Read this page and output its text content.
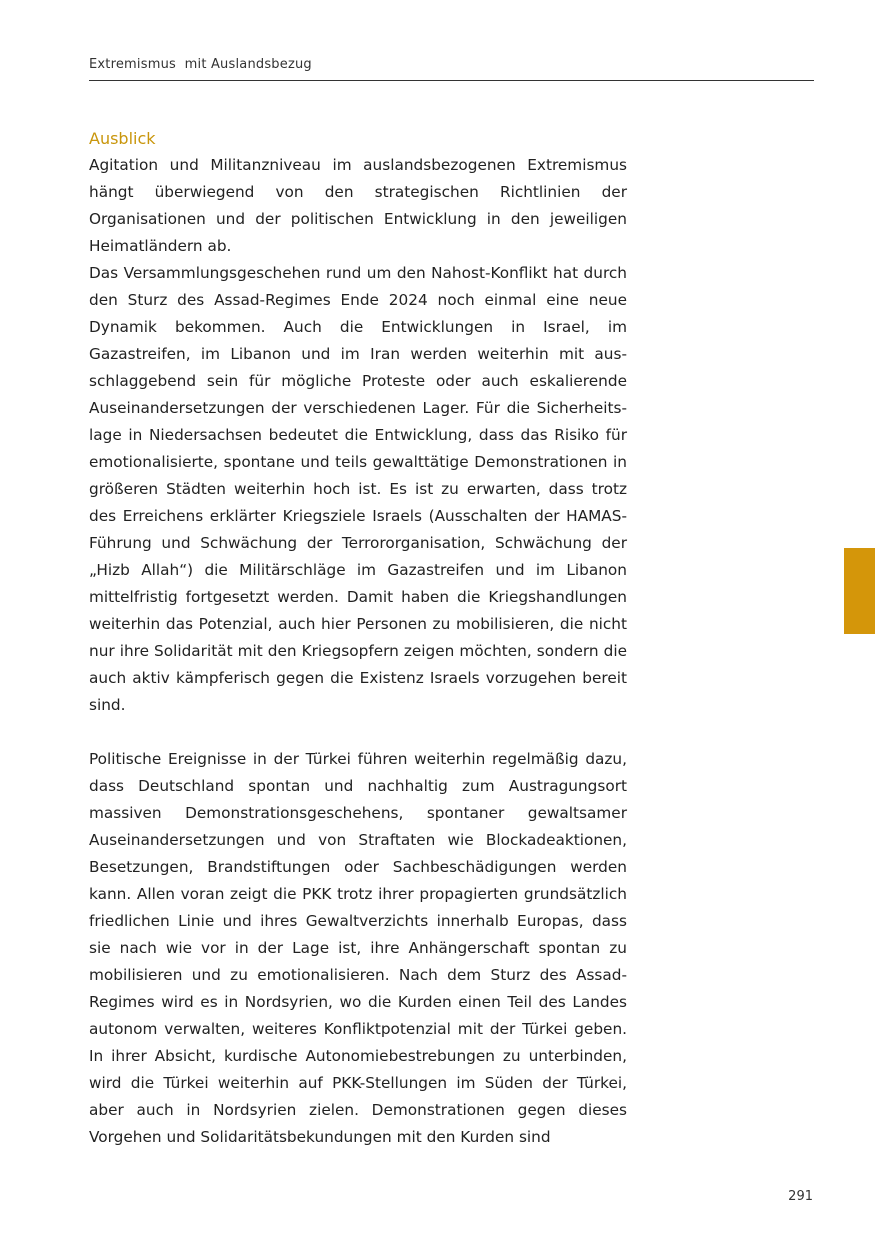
Extremismus  mit Auslandsbezug
Ausblick

Agitation und Militanzniveau im auslandsbezogenen Extremismus hängt überwiegend von den strategischen Richtlinien der Organisationen und der politischen Entwicklung in den jeweiligen Heimatländern ab.

Das Versammlungsgeschehen rund um den Nahost-Konflikt hat durch den Sturz des Assad-Regimes Ende 2024 noch einmal eine neue Dynamik bekommen. Auch die Entwicklungen in Israel, im Gazastreifen, im Libanon und im Iran werden weiterhin mit ausschlaggebend sein für mögliche Proteste oder auch eskalierende Auseinandersetzungen der verschiedenen Lager. Für die Sicherheitslage in Niedersachsen bedeutet die Entwicklung, dass das Risiko für emotionalisierte, spontane und teils gewalttätige Demonstrationen in größeren Städten weiterhin hoch ist. Es ist zu erwarten, dass trotz des Erreichens erklärter Kriegsziele Israels (Ausschalten der HAMAS-Führung und Schwächung der Terrororganisation, Schwächung der „Hizb Allah“) die Militärschläge im Gazastreifen und im Libanon mittelfristig fortgesetzt werden. Damit haben die Kriegshandlungen weiterhin das Potenzial, auch hier Personen zu mobilisieren, die nicht nur ihre Solidarität mit den Kriegsopfern zeigen möchten, sondern die auch aktiv kämpferisch gegen die Existenz Israels vorzugehen bereit sind.

Politische Ereignisse in der Türkei führen weiterhin regelmäßig dazu, dass Deutschland spontan und nachhaltig zum Austragungsort massiven Demonstrationsgeschehens, spontaner gewaltsamer Auseinandersetzungen und von Straftaten wie Blockadeaktionen, Besetzungen, Brandstiftungen oder Sachbeschädigungen werden kann. Allen voran zeigt die PKK trotz ihrer propagierten grundsätzlich friedlichen Linie und ihres Gewaltverzichts innerhalb Europas, dass sie nach wie vor in der Lage ist, ihre Anhängerschaft spontan zu mobilisieren und zu emotionalisieren. Nach dem Sturz des Assad-Regimes wird es in Nordsyrien, wo die Kurden einen Teil des Landes autonom verwalten, weiteres Konfliktpotenzial mit der Türkei geben. In ihrer Absicht, kurdische Autonomiebestrebungen zu unterbinden, wird die Türkei weiterhin auf PKK-Stellungen im Süden der Türkei, aber auch in Nordsyrien zielen. Demonstrationen gegen dieses Vorgehen und Solidaritätsbekundungen mit den Kurden sind

291
